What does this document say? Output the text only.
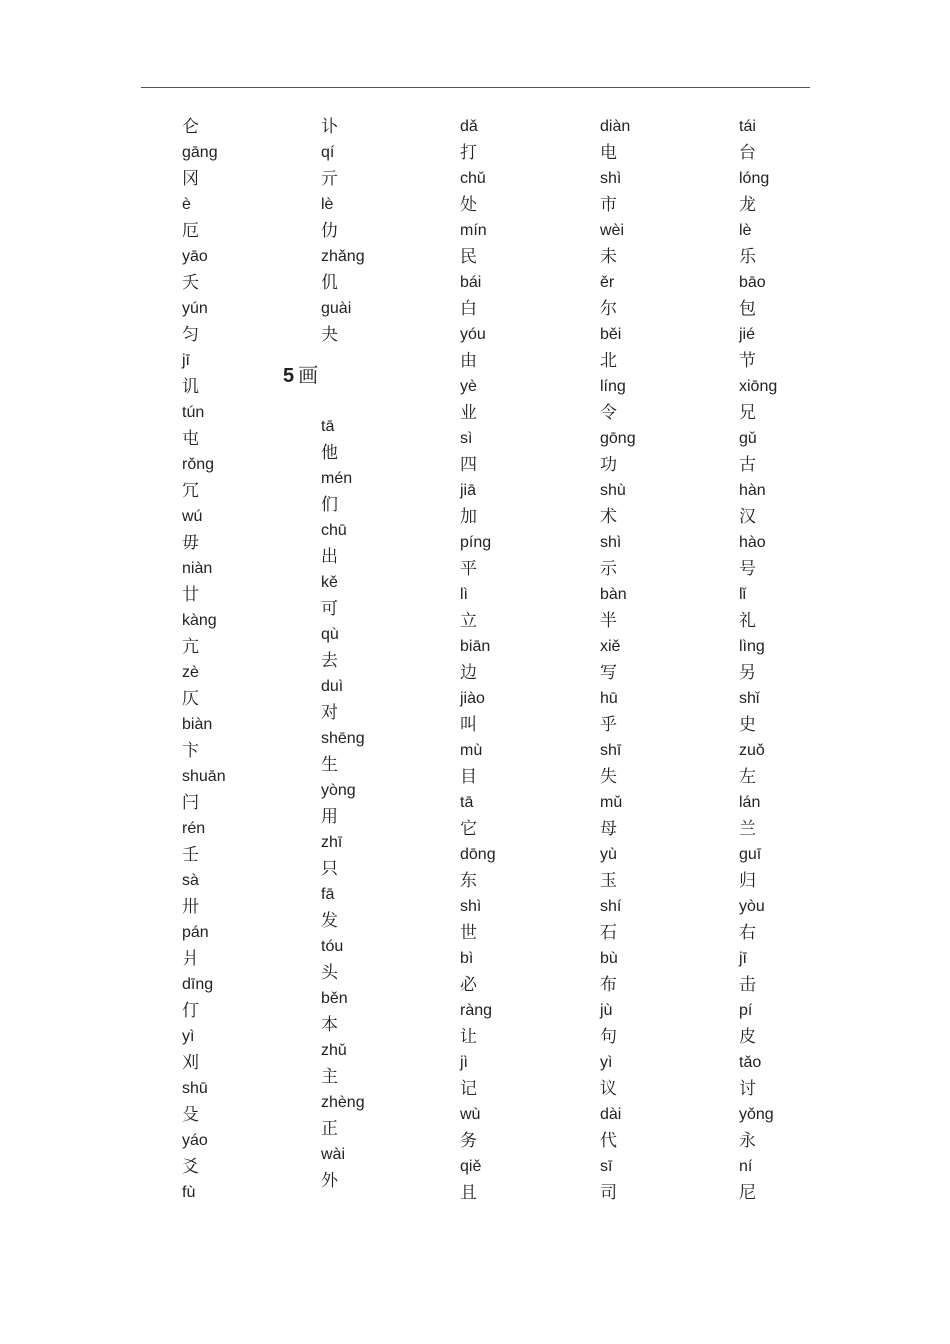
仑
gāng
冈
è
厄
yāo
夭
yún
匀
jī
讥
tún
屯
rǒng
冗
wú
毋
niàn
廿
kàng
亢
zè
仄
biàn
卞
shuān
闩
rén
壬
sà
卅
pán
爿
dīng
仃
yì
刈
shū
殳
yáo
爻
fù
讣
qí
亓
lè
仂
zhǎng
仉
guài
夬
5 画
tā
他
mén
们
chū
出
kě
可
qù
去
duì
对
shēng
生
yòng
用
zhī
只
fā
发
tóu
头
běn
本
zhǔ
主
zhèng
正
wài
外
dǎ
打
chǔ
处
mín
民
bái
白
yóu
由
yè
业
sì
四
jiā
加
píng
平
lì
立
biān
边
jiào
叫
mù
目
tā
它
dōng
东
shì
世
bì
必
ràng
让
jì
记
wù
务
qiě
且
diàn
电
shì
市
wèi
未
ěr
尔
běi
北
líng
令
gōng
功
shù
术
shì
示
bàn
半
xiě
写
hū
乎
shī
失
mǔ
母
yù
玉
shí
石
bù
布
jù
句
yì
议
dài
代
sī
司
tái
台
lóng
龙
lè
乐
bāo
包
jié
节
xiōng
兄
gǔ
古
hàn
汉
hào
号
lǐ
礼
lìng
另
shǐ
史
zuǒ
左
lán
兰
guī
归
yòu
右
jī
击
pí
皮
tǎo
讨
yǒng
永
ní
尼
